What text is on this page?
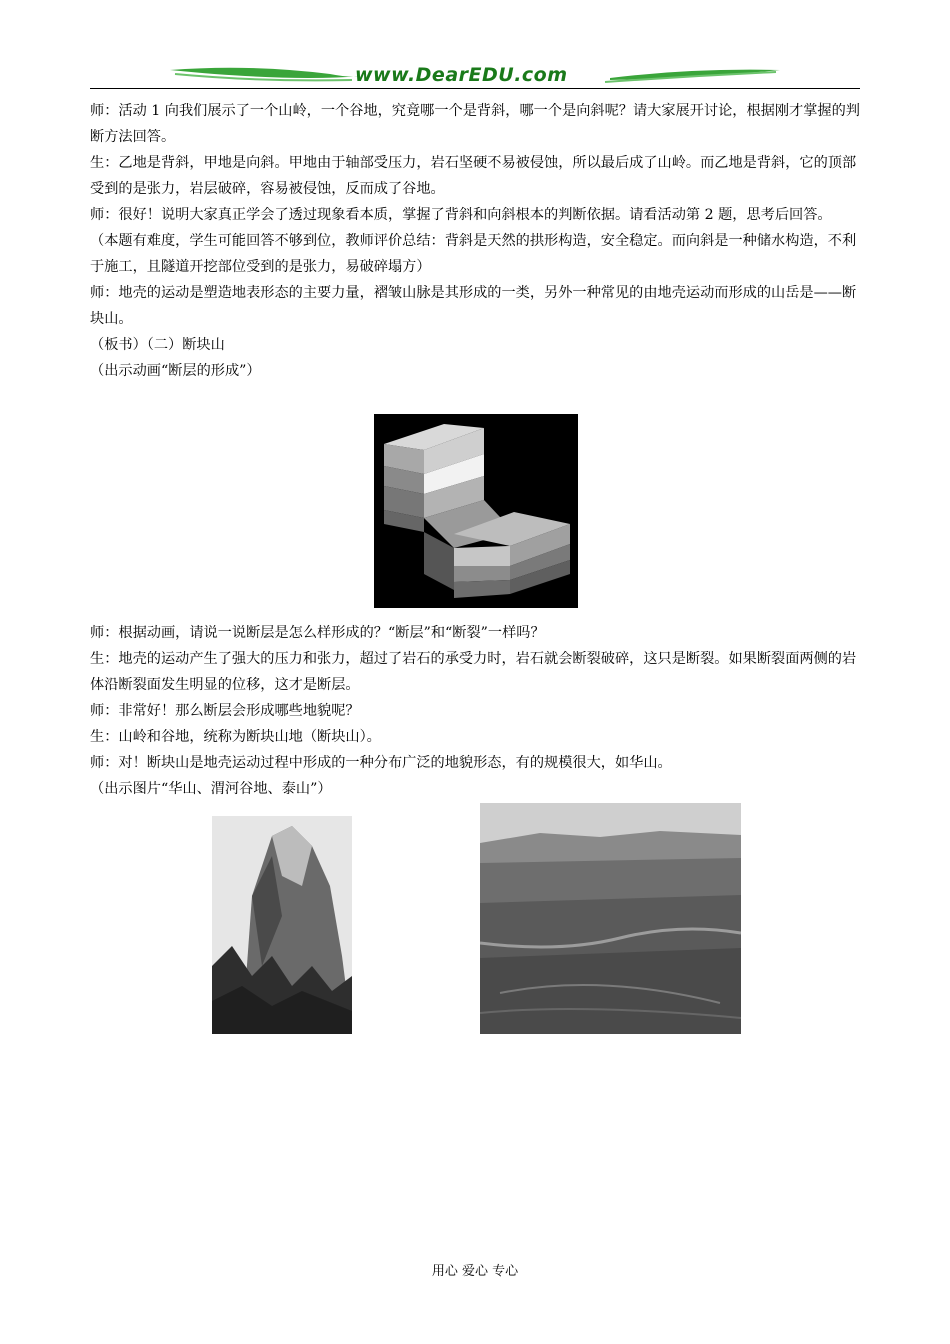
www.DearEDU.com

师：活动 1 向我们展示了一个山岭，一个谷地，究竟哪一个是背斜，哪一个是向斜呢？请大家展开讨论，根据刚才掌握的判断方法回答。

生：乙地是背斜，甲地是向斜。甲地由于轴部受压力，岩石坚硬不易被侵蚀，所以最后成了山岭。而乙地是背斜，它的顶部受到的是张力，岩层破碎，容易被侵蚀，反而成了谷地。

师：很好！说明大家真正学会了透过现象看本质，掌握了背斜和向斜根本的判断依据。请看活动第 2 题，思考后回答。

（本题有难度，学生可能回答不够到位，教师评价总结：背斜是天然的拱形构造，安全稳定。而向斜是一种储水构造，不利于施工，且隧道开挖部位受到的是张力，易破碎塌方）

师：地壳的运动是塑造地表形态的主要力量，褶皱山脉是其形成的一类，另外一种常见的由地壳运动而形成的山岳是——断块山。

（板书）（二）断块山

（出示动画“断层的形成”）

师：根据动画，请说一说断层是怎么样形成的？“断层”和“断裂”一样吗？

生：地壳的运动产生了强大的压力和张力，超过了岩石的承受力时，岩石就会断裂破碎，这只是断裂。如果断裂面两侧的岩体沿断裂面发生明显的位移，这才是断层。

师：非常好！那么断层会形成哪些地貌呢？

生：山岭和谷地，统称为断块山地（断块山）。

师：对！断块山是地壳运动过程中形成的一种分布广泛的地貌形态，有的规模很大，如华山。

（出示图片“华山、渭河谷地、泰山”）

用心 爱心 专心
